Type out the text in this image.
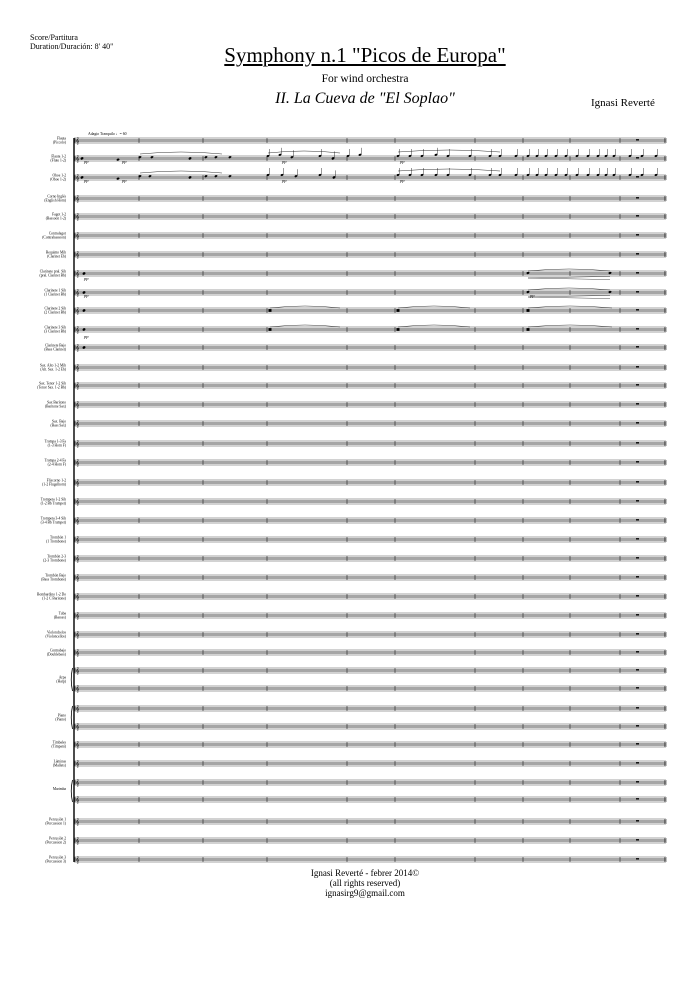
Score/Partitura
Duration/Duración: 8' 40"	Symphony n.1 "Picos de Europa"
For wind orchestra
II. La Cueva de "El Soplao"	Ignasi Reverté
Adagio Tranquilo ♩= 60
𝄞
𝄞
𝄞
𝄞
𝄞
𝄞
𝄞
𝄞
𝄞
𝄞
𝄞
𝄞
𝄞
𝄞
𝄞
𝄞
𝄞
𝄞
𝄞
𝄞
𝄞
𝄞
𝄞
𝄞
𝄞
𝄞
𝄞
𝄞
𝄞
𝄞
𝄞
𝄞
𝄞
𝄞
𝄞
𝄞
𝄞
𝄞
𝄞
Flauta
(Piccolo)
Flauta 1-2
(Flute 1-2)
Oboe 1-2
(Oboe 1-2)
Corno Inglés
(English Horn)
Fagot 1-2
(Bassoon 1-2)
Contrafagot
(Contrabassoon)
Requinto Mib
(Clarinet Eb)
Clarinete pral. Sib
(pral. Clarinet Bb)
Clarinete 1 Sib
(1 Clarinet Bb)
Clarinete 2 Sib
(2 Clarinet Bb)
Clarinete 3 Sib
(3 Clarinet Bb)
Clarinete Bajo
(Bass Clarinet)
Sax. Alto 1-2 Mib
(Alt. Sax. 1-2 Eb)
Sax. Tenor 1-2 Sib
(Tenor Sax. 1-2 Bb)
Sax Barítono
(Baritone Sax)
Sax. Bajo
(Bass Sax)
Trompa 1-3 Fa
(1-3 Horn F)
Trompa 2-4 Fa
(2-4 Horn F)
Fliscorno 1-2
(1-2 Flugelhorn)
Trompeta 1-2 Sib
(1-2 Bb Trumpet)
Trompeta 3-4 Sib
(3-4 Bb Trumpet)
Trombón 1
(1 Trombone)
Trombón 2-3
(2-3 Trombone)
Trombón Bajo
(Bass Trombone)
Bombardino 1-2 Do
(1-2 C Baritone)
Tuba
(Basses)
Violonchelos
(Violoncellos)
Contrabajo
(Doublebass)
Arpa
(Harp)
Piano
(Piano)
Timbales
(Timpani)
Láminas
(Mallets)
Marimba
Percusión 1
(Percussion 1)
Percusión 2
(Percussion 2)
Percusión 3
(Percussion 3)
pp	pp
pp	pp
pp
pp
pp
pp
pp
pp
pp
pp
Ignasi Reverté - febrer 2014©
(all rights reserved)
ignasirg9@gmail.com
